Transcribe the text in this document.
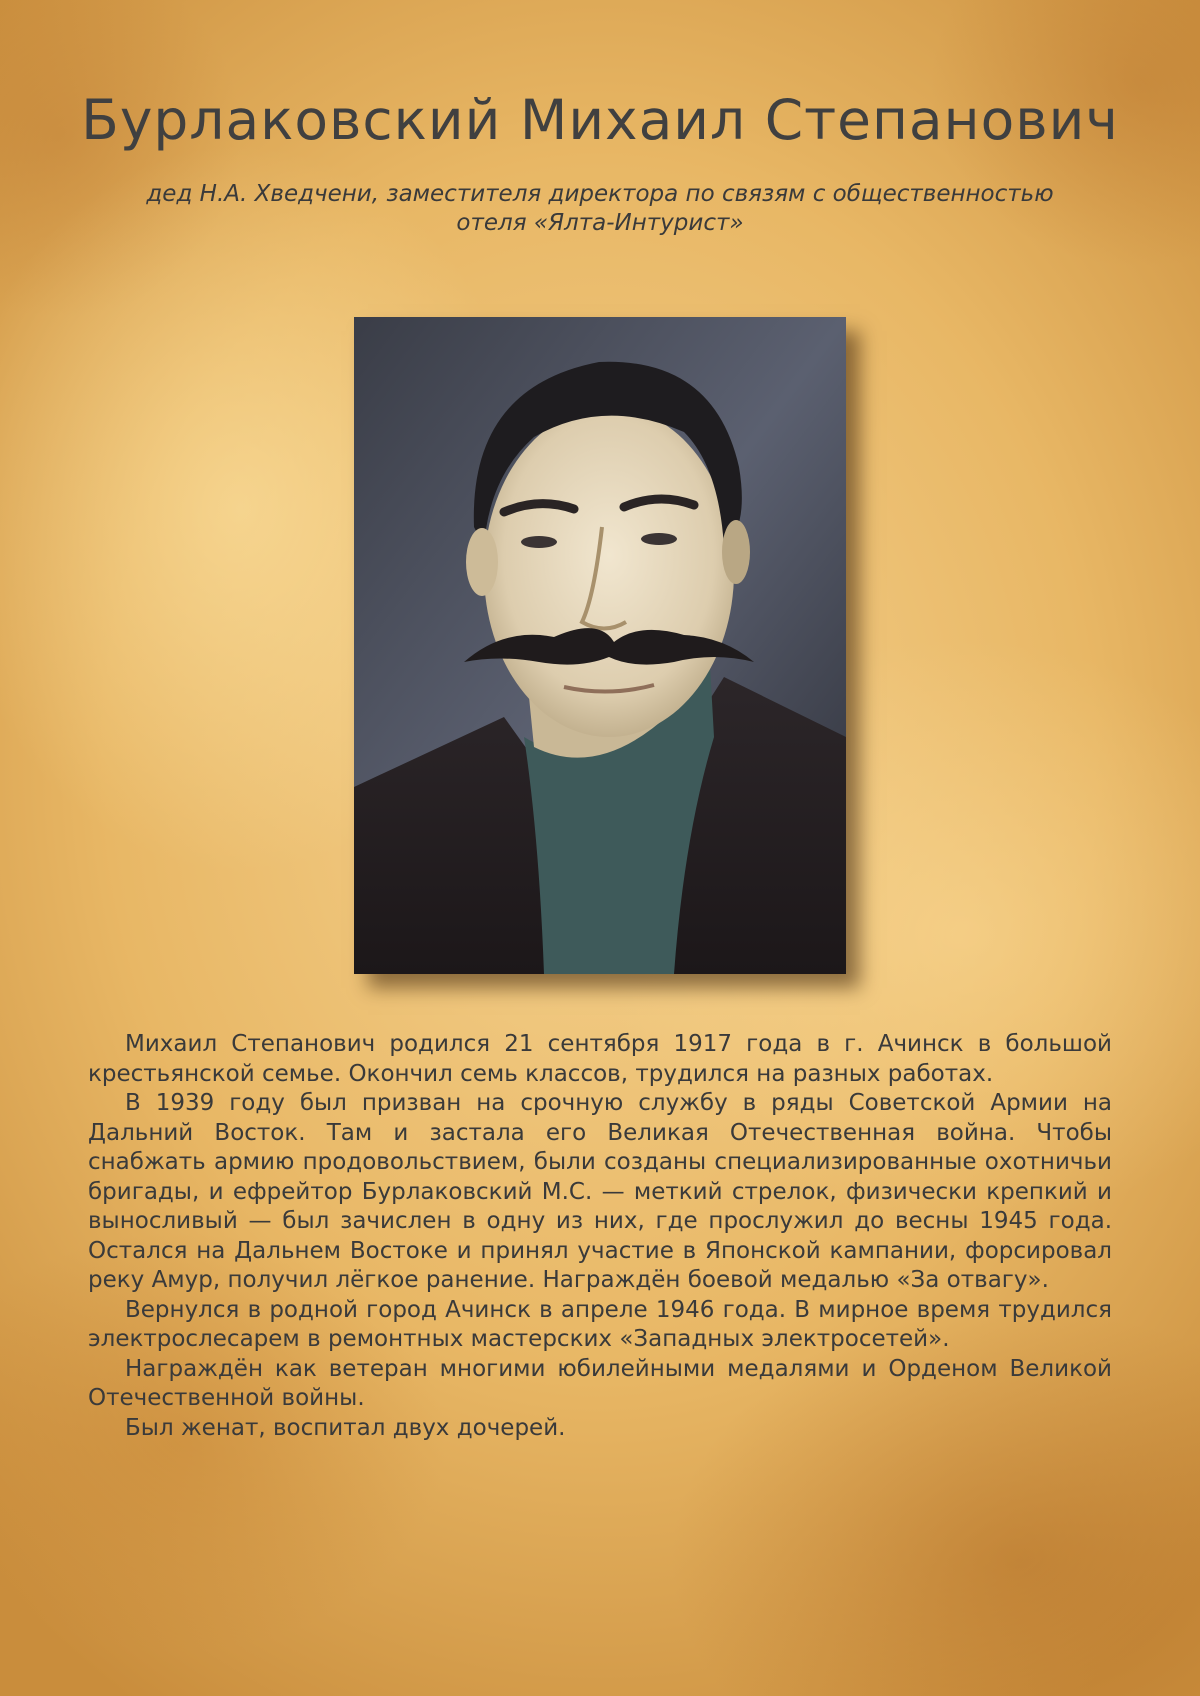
Бурлаковский Михаил Степанович
дед Н.А. Хведчени, заместителя директора по связям с общественностью
отеля «Ялта-Интурист»

Михаил Степанович родился 21 сентября 1917 года в г. Ачинск в большой крестьянской семье. Окончил семь классов, трудился на разных работах.

В 1939 году был призван на срочную службу в ряды Советской Армии на Дальний Восток. Там и застала его Великая Отечественная война. Чтобы снабжать армию продовольствием, были созданы специализированные охотничьи бригады, и ефрейтор Бурлаковский М.С. — меткий стрелок, физически крепкий и выносливый — был зачислен в одну из них, где прослужил до весны 1945 года. Остался на Дальнем Востоке и принял участие в Японской кампании, форсировал реку Амур, получил лёгкое ранение. Награждён боевой медалью «За отвагу».

Вернулся в родной город Ачинск в апреле 1946 года. В мирное время трудился электрослесарем в ремонтных мастерских «Западных электросетей».

Награждён как ветеран многими юбилейными медалями и Орденом Великой Отечественной войны.

Был женат, воспитал двух дочерей.
